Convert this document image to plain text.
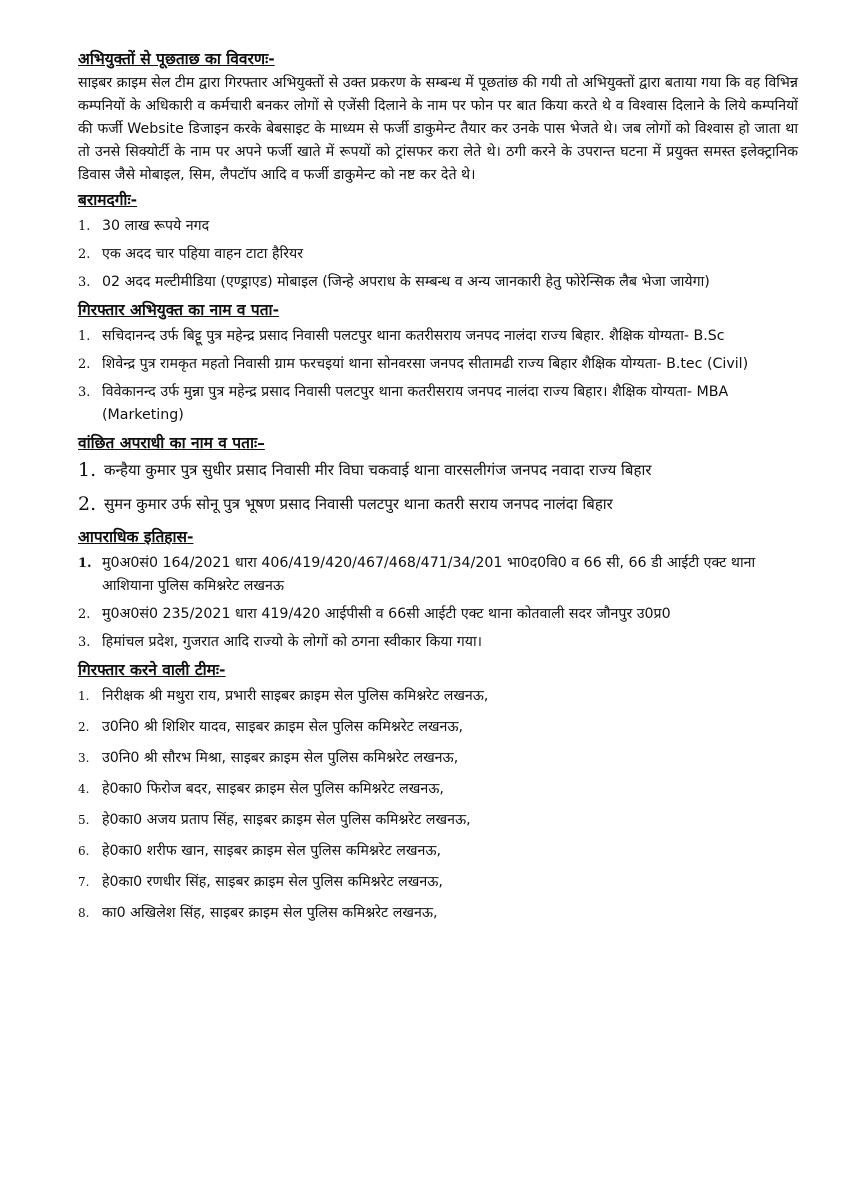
अभियुक्तों से पूछताछ का विवरणः-

साइबर क्राइम सेल टीम द्वारा गिरफ्तार अभियुक्तों से उक्त प्रकरण के सम्बन्ध में पूछतांछ की गयी तो अभियुक्तों द्वारा बताया गया कि वह विभिन्न कम्पनियों के अधिकारी व कर्मचारी बनकर लोगों से एजेंसी दिलाने के नाम पर फोन पर बात किया करते थे व विश्वास दिलाने के लिये कम्पनियों की फर्जी Website डिजाइन करके बेबसाइट के माध्यम से फर्जी डाकुमेन्ट तैयार कर उनके पास भेजते थे। जब लोगों को विश्वास हो जाता था तो उनसे सिक्योर्टी के नाम पर अपने फर्जी खाते में रूपयों को ट्रांसफर करा लेते थे। ठगी करने के उपरान्त घटना में प्रयुक्त समस्त इलेक्ट्रानिक डिवास जैसे मोबाइल, सिम, लैपटॉप आदि व फर्जी डाकुमेन्ट को नष्ट कर देते थे।

बरामदगीः-

1. 30 लाख रूपये नगद
2. एक अदद चार पहिया वाहन टाटा हैरियर
3. 02 अदद मल्टीमीडिया (एण्ड्राएड) मोबाइल (जिन्हे अपराध के सम्बन्ध व अन्य जानकारी हेतु फोरेन्सिक लैब भेजा जायेगा)

गिरफ्तार अभियुक्त का नाम व पता-

1. सचिदानन्द उर्फ बिट्टू पुत्र महेन्द्र प्रसाद निवासी पलटपुर थाना कतरीसराय जनपद नालंदा राज्य बिहार. शैक्षिक योग्यता- B.Sc
2. शिवेन्द्र पुत्र रामकृत महतो निवासी ग्राम फरचइयां थाना सोनवरसा जनपद सीतामढी राज्य बिहार शैक्षिक योग्यता- B.tec (Civil)
3. विवेकानन्द उर्फ मुन्ना पुत्र महेन्द्र प्रसाद निवासी पलटपुर थाना कतरीसराय जनपद नालंदा राज्य बिहार। शैक्षिक योग्यता- MBA (Marketing)

वांछित अपराधी का नाम व पताः–

1. कन्हैया कुमार पुत्र सुधीर प्रसाद निवासी मीर विघा चकवाई थाना वारसलीगंज जनपद नवादा राज्य बिहार
2. सुमन कुमार उर्फ सोनू पुत्र भूषण प्रसाद निवासी पलटपुर थाना कतरी सराय जनपद नालंदा बिहार

आपराधिक इतिहास-

1. मु0अ0सं0 164/2021 धारा 406/419/420/467/468/471/34/201 भा0द0वि0 व 66 सी, 66 डी आईटी एक्ट थाना आशियाना पुलिस कमिश्नरेट लखनऊ
2. मु0अ0सं0 235/2021 धारा 419/420 आईपीसी व 66सी आईटी एक्ट थाना कोतवाली सदर जौनपुर उ0प्र0
3. हिमांचल प्रदेश, गुजरात आदि राज्यो के लोगों को ठगना स्वीकार किया गया।

गिरफ्तार करने वाली टीमः-

1. निरीक्षक श्री मथुरा राय, प्रभारी साइबर क्राइम सेल पुलिस कमिश्नरेट लखनऊ,
2. उ0नि0 श्री शिशिर यादव, साइबर क्राइम सेल पुलिस कमिश्नरेट लखनऊ,
3. उ0नि0 श्री सौरभ मिश्रा, साइबर क्राइम सेल पुलिस कमिश्नरेट लखनऊ,
4. हे0का0 फिरोज बदर, साइबर क्राइम सेल पुलिस कमिश्नरेट लखनऊ,
5. हे0का0 अजय प्रताप सिंह, साइबर क्राइम सेल पुलिस कमिश्नरेट लखनऊ,
6. हे0का0 शरीफ खान, साइबर क्राइम सेल पुलिस कमिश्नरेट लखनऊ,
7. हे0का0 रणधीर सिंह, साइबर क्राइम सेल पुलिस कमिश्नरेट लखनऊ,
8. का0 अखिलेश सिंह, साइबर क्राइम सेल पुलिस कमिश्नरेट लखनऊ,
